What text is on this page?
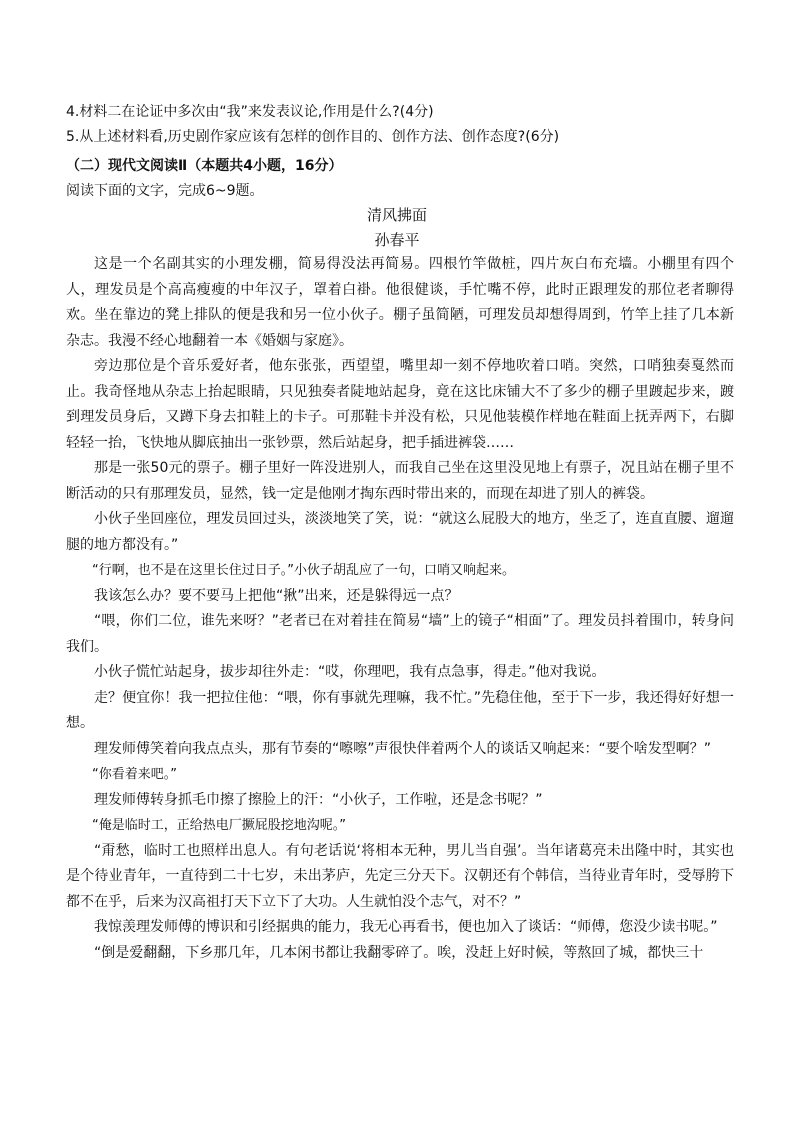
4.材料二在论证中多次由“我”来发表议论,作用是什么?(4分)
5.从上述材料看,历史剧作家应该有怎样的创作目的、创作方法、创作态度?(6分)
（二）现代文阅读Ⅱ（本题共4小题，16分）
阅读下面的文字，完成6~9题。
清风拂面
孙春平

这是一个名副其实的小理发棚，简易得没法再简易。四根竹竿做桩，四片灰白布充墙。小棚里有四个人，理发员是个高高瘦瘦的中年汉子，罩着白褂。他很健谈，手忙嘴不停，此时正跟理发的那位老者聊得欢。坐在靠边的凳上排队的便是我和另一位小伙子。棚子虽简陋，可理发员却想得周到，竹竿上挂了几本新杂志。我漫不经心地翻着一本《婚姻与家庭》。

旁边那位是个音乐爱好者，他东张张，西望望，嘴里却一刻不停地吹着口哨。突然，口哨独奏戛然而止。我奇怪地从杂志上抬起眼睛，只见独奏者陡地站起身，竟在这比床铺大不了多少的棚子里踱起步来，踱到理发员身后，又蹲下身去扣鞋上的卡子。可那鞋卡并没有松，只见他装模作样地在鞋面上抚弄两下，右脚轻轻一抬，飞快地从脚底抽出一张钞票，然后站起身，把手插进裤袋……

那是一张50元的票子。棚子里好一阵没进别人，而我自己坐在这里没见地上有票子，况且站在棚子里不断活动的只有那理发员，显然，钱一定是他刚才掏东西时带出来的，而现在却进了别人的裤袋。

小伙子坐回座位，理发员回过头，淡淡地笑了笑，说：“就这么屁股大的地方，坐乏了，连直直腰、遛遛腿的地方都没有。”

“行啊，也不是在这里长住过日子。”小伙子胡乱应了一句，口哨又响起来。

我该怎么办？要不要马上把他“揪”出来，还是躲得远一点？

“喂，你们二位，谁先来呀？”老者已在对着挂在简易“墙”上的镜子“相面”了。理发员抖着围巾，转身问我们。

小伙子慌忙站起身，拔步却往外走：“哎，你理吧，我有点急事，得走。”他对我说。

走？便宜你！我一把拉住他：“喂，你有事就先理嘛，我不忙。”先稳住他，至于下一步，我还得好好想一想。

理发师傅笑着向我点点头，那有节奏的“嚓嚓”声很快伴着两个人的谈话又响起来：“要个啥发型啊？”

“你看着来吧。”

理发师傅转身抓毛巾擦了擦脸上的汗：“小伙子，工作啦，还是念书呢？”

“俺是临时工，正给热电厂撅屁股挖地沟呢。”

“甭愁，临时工也照样出息人。有句老话说‘将相本无种，男儿当自强’。当年诸葛亮未出隆中时，其实也是个待业青年，一直待到二十七岁，未出茅庐，先定三分天下。汉朝还有个韩信，当待业青年时，受辱胯下都不在乎，后来为汉高祖打天下立下了大功。人生就怕没个志气，对不？”

我惊羡理发师傅的博识和引经据典的能力，我无心再看书，便也加入了谈话：“师傅，您没少读书呢。”

“倒是爱翻翻，下乡那几年，几本闲书都让我翻零碎了。唉，没赶上好时候，等熬回了城，都快三十
